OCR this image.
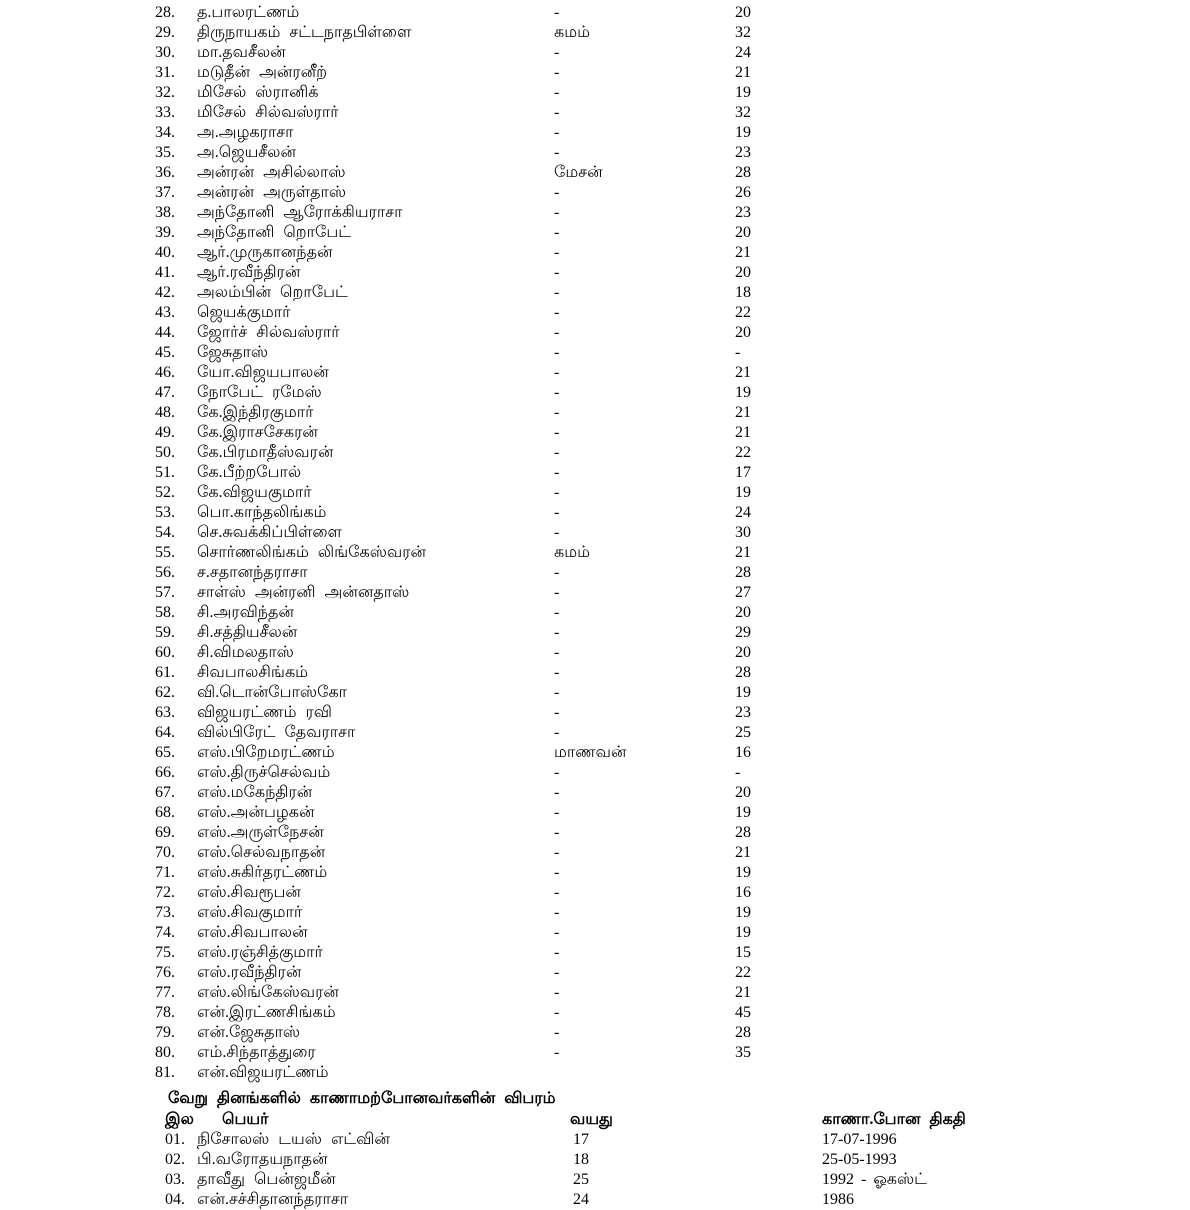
28. த.பாலரட்ணம்	-	20
29. திருநாயகம் சட்டநாதபிள்ளை	கமம்	32
30. மா.தவசீலன்	-	24
31. மடுதீன் அன்ரனீற்	-	21
32. மிசேல் ஸ்ரானிக்	-	19
33. மிசேல் சில்வஸ்ரார்	-	32
34. அ.அழகராசா	-	19
35. அ.ஜெயசீலன்	-	23
36. அன்ரன் அசில்லாஸ்	மேசன்	28
37. அன்ரன் அருள்தாஸ்	-	26
38. அந்தோனி ஆரோக்கியராசா	-	23
39. அந்தோனி றொபேட்	-	20
40. ஆர்.முருகானந்தன்	-	21
41. ஆர்.ரவீந்திரன்	-	20
42. அலம்பின் றொபேட்	-	18
43. ஜெயக்குமார்	-	22
44. ஜோர்ச் சில்வஸ்ரார்	-	20
45. ஜேசுதாஸ்	-	-
46. யோ.விஜயபாலன்	-	21
47. நோபேட் ரமேஸ்	-	19
48. கே.இந்திரகுமார்	-	21
49. கே.இராசசேகரன்	-	21
50. கே.பிரமாதீஸ்வரன்	-	22
51. கே.பீற்றபோல்	-	17
52. கே.விஜயகுமார்	-	19
53. பொ.காந்தலிங்கம்	-	24
54. செ.சுவக்கிப்பிள்ளை	-	30
55. சொர்ணலிங்கம் லிங்கேஸ்வரன்	கமம்	21
56. ச.சதானந்தராசா	-	28
57. சாள்ஸ் அன்ரனி அன்னதாஸ்	-	27
58. சி.அரவிந்தன்	-	20
59. சி.சத்தியசீலன்	-	29
60. சி.விமலதாஸ்	-	20
61. சிவபாலசிங்கம்	-	28
62. வி.டொன்போஸ்கோ	-	19
63. விஜயரட்ணம் ரவி	-	23
64. வில்பிரேட் தேவராசா	-	25
65. எஸ்.பிறேமரட்ணம்	மாணவன்	16
66. எஸ்.திருச்செல்வம்	-	-
67. எஸ்.மகேந்திரன்	-	20
68. எஸ்.அன்பழகன்	-	19
69. எஸ்.அருள்நேசன்	-	28
70. எஸ்.செல்வநாதன்	-	21
71. எஸ்.சுகிர்தரட்ணம்	-	19
72. எஸ்.சிவரூபன்	-	16
73. எஸ்.சிவகுமார்	-	19
74. எஸ்.சிவபாலன்	-	19
75. எஸ்.ரஞ்சித்குமார்	-	15
76. எஸ்.ரவீந்திரன்	-	22
77. எஸ்.லிங்கேஸ்வரன்	-	21
78. என்.இரட்ணசிங்கம்	-	45
79. என்.ஜேசுதாஸ்	-	28
80. எம்.சிந்தாத்துரை	-	35
81. என்.விஜயரட்ணம்
வேறு தினங்களில் காணாமற்போனவர்களின் விபரம்
இல பெயர்	வயது	காணா.போன திகதி
01. நிசோலஸ் டயஸ் எட்வின்	17	17-07-1996
02. பி.வரோதயநாதன்	18	25-05-1993
03. தாவீது பென்ஜமீன்	25	1992 - ஓகஸ்ட்
04. என்.சச்சிதானந்தராசா	24	1986
